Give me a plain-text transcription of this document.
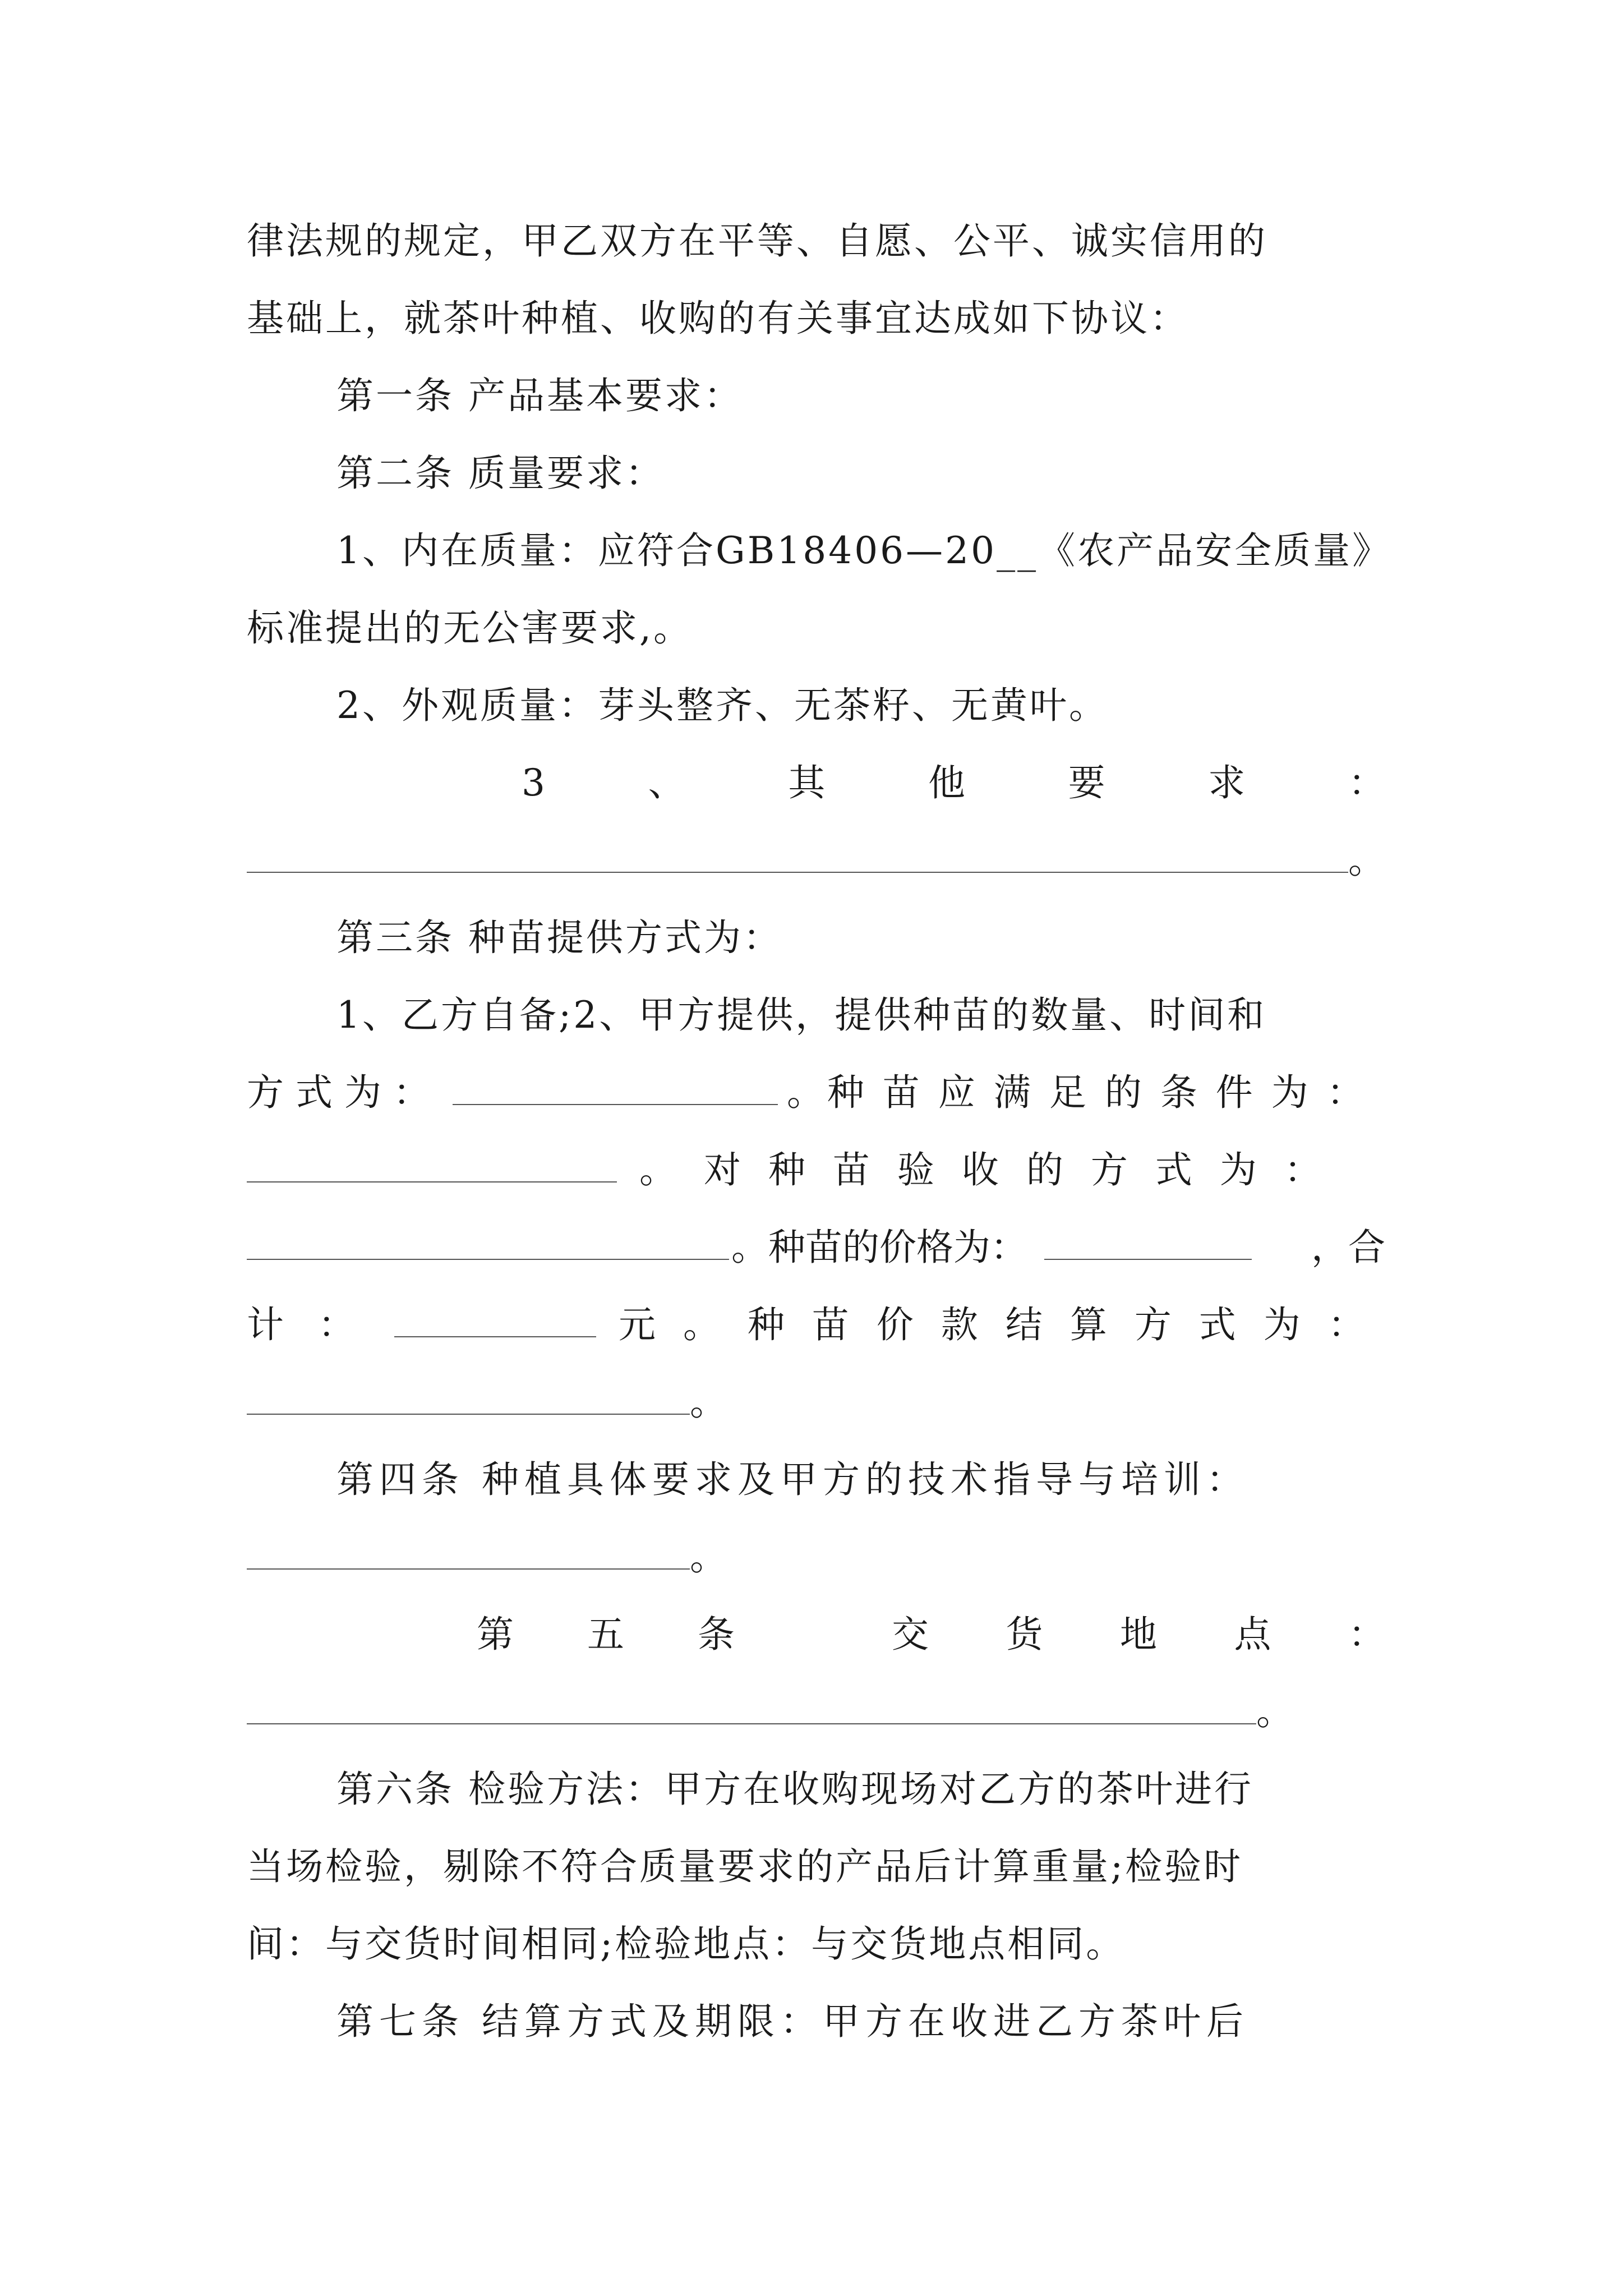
律法规的规定，甲乙双方在平等、自愿、公平、诚实信用的
基础上，就茶叶种植、收购的有关事宜达成如下协议：
第一条 产品基本要求：
第二条 质量要求：
1、内在质量：应符合GB18406—20__《农产品安全质量》
标准提出的无公害要求,。
2、外观质量：芽头整齐、无茶籽、无黄叶。
3	、	其	他	要	求	：
。
第三条 种苗提供方式为：
1、乙方自备;2、甲方提供，提供种苗的数量、时间和
方 式 为 ：	。种 苗 应 满 足 的 条 件 为 ：
。 对 种 苗 验 收 的 方 式 为 ：
。种苗的价格为：	，合
计 ：	元 。 种 苗 价 款 结 算 方 式 为 ：
。
第四条 种植具体要求及甲方的技术指导与培训：
。
第 五 条	交 货 地 点 ：
。
第六条 检验方法：甲方在收购现场对乙方的茶叶进行
当场检验，剔除不符合质量要求的产品后计算重量;检验时
间：与交货时间相同;检验地点：与交货地点相同。
第七条 结算方式及期限：甲方在收进乙方茶叶后
